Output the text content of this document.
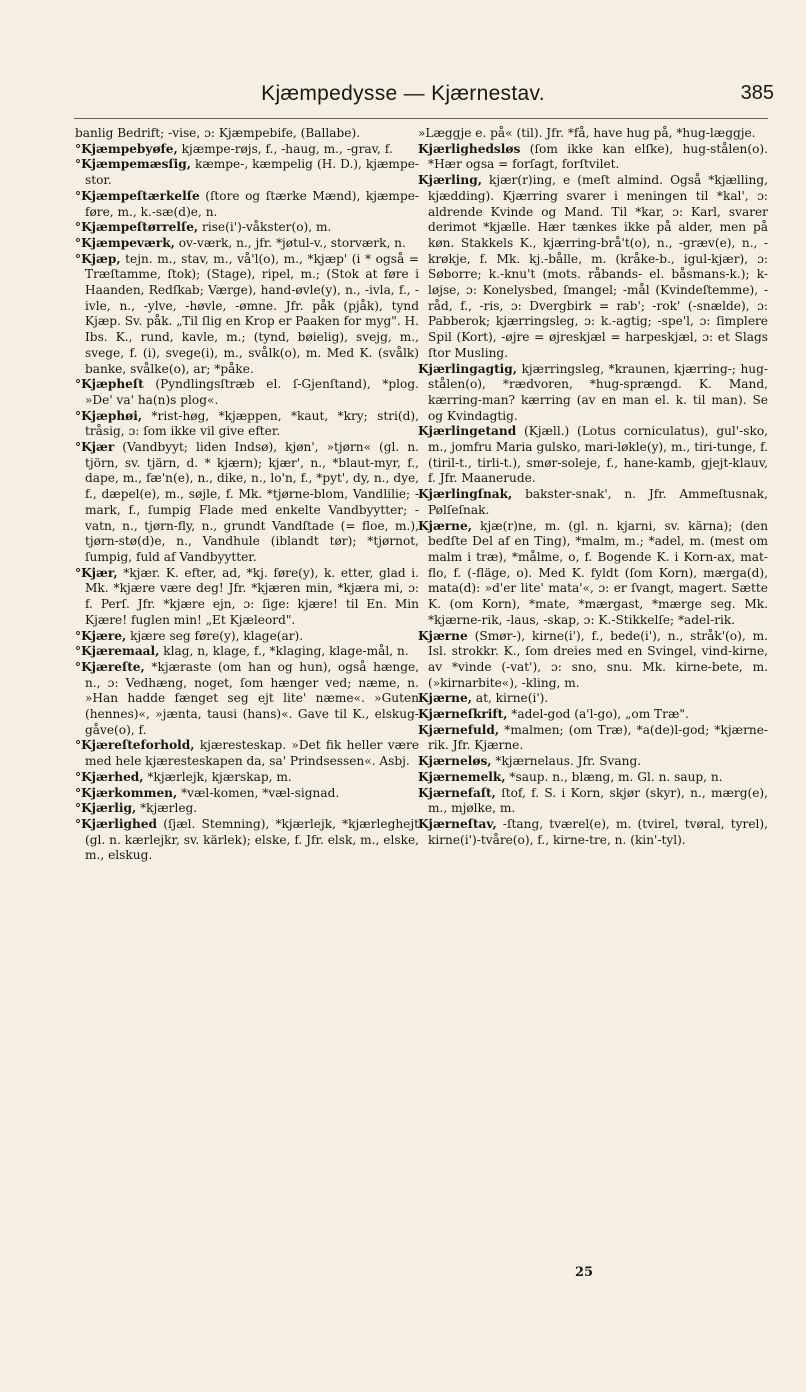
Kjæmpedysse — Kjærnestav.	385

banlig Bedrift; -vise, ɔ: Kjæmpebife, (Ballabe).

°Kjæmpebyøfe, kjæmpe-røjs, f., -haug, m., -grav, f.

°Kjæmpemæsſig, kæmpe-, kæmpelig (H. D.), kjæmpe-stor.

°Kjæmpeſtærkelſe (ſtore og ſtærke Mænd), kjæmpe-føre, m., k.-sæ(d)e, n.

°Kjæmpeſtørrelſe, rise(i')-våkster(o), m.

°Kjæmpeværk, ov-værk, n., jfr. *jøtul-v., storværk, n.

°Kjæp, tejn. m., stav, m., vå'l(o), m., *kjæp' (i * også = Træſtamme, ſtok); (Stage), ripel, m.; (Stok at føre i Haanden, Redſkab; Værge), hand-øvle(y), n., -ivla, f., -ivle, n., -ylve, -høvle, -ømne. Jfr. påk (pjåk), tynd Kjæp. Sv. påk. „Til ſlig en Krop er Paaken for myg". H. Ibs. K., rund, kavle, m.; (tynd, bøielig), svejg, m., svege, f. (i), svege(i), m., svålk(o), m. Med K. (svålk) banke, svålke(o), ar; *påke.

°Kjæpheſt (Pyndlingsſtræb el. ſ-Gjenſtand), *plog. »De' va' ha(n)s plog«.

°Kjæphøi, *rist-høg, *kjæppen, *kaut, *kry; stri(d), tråsig, ɔ: ſom ikke vil give efter.

°Kjær (Vandbyyt; liden Indsø), kjøn', »tjørn« (gl. n. tjörn, sv. tjärn, d. * kjærn); kjær', n., *blaut-myr, f., dape, m., fæ'n(e), n., dike, n., lo'n, f., *pyt', dy, n., dye, f., dæpel(e), m., søjle, f. Mk. *tjørne-blom, Vandlilie; -mark, f., ſumpig Flade med enkelte Vandbyytter; -vatn, n., tjørn-fly, n., grundt Vandſtade (= floe, m.), tjørn-stø(d)e, n., Vandhule (iblandt tør); *tjørnot, ſumpig, fuld af Vandbyytter.

°Kjær, *kjær. K. efter, ad, *kj. føre(y), k. etter, glad i. Mk. *kjære være deg! Jfr. *kjæren min, *kjæra mi, ɔ: f. Perſ. Jfr. *kjære ejn, ɔ: ſige: kjære! til En. Min Kjære! fuglen min! „Et Kjæleord".

°Kjære, kjære seg føre(y), klage(ar).

°Kjæremaal, klag, n, klage, f., *klaging, klage-mål, n.

°Kjæreſte, *kjæraste (om han og hun), også hænge, n., ɔ: Vedhæng, noget, ſom hænger ved; næme, n. »Han hadde fænget seg ejt lite' næme«. »Guten (hennes)«, »jænta, tausi (hans)«. Gave til K., elskug-gåve(o), f.

°Kjæreſteforhold, kjæresteskap. »Det fik heller være med hele kjæresteskapen da, sa' Prindsessen«. Asbj.

°Kjærhed, *kjærlejk, kjærskap, m.

°Kjærkommen, *væl-komen, *væl-signad.

°Kjærlig, *kjærleg.

°Kjærlighed (ſjæl. Stemning), *kjærlejk, *kjærleghejt (gl. n. kærlejkr, sv. kärlek); elske, f. Jfr. elsk, m., elske, m., elskug.

»Læggje e. på« (til). Jfr. *få, have hug på, *hug-læggje.

Kjærlighedsløs (ſom ikke kan elſke), hug-stålen(o). *Hær ogsa = forſagt, forſtvilet.

Kjærling, kjær(r)ing, e (meſt almind. Også *kjælling, kjædding). Kjærring svarer i meningen til *kal', ɔ: aldrende Kvinde og Mand. Til *kar, ɔ: Karl, svarer derimot *kjælle. Hær tænkes ikke på alder, men på køn. Stakkels K., kjærring-brå't(o), n., -græv(e), n., -krøkje, f. Mk. kj.-bålle, m. (kråke-b., igul-kjær), ɔ: Søborre; k.-knu't (mots. råbands- el. båsmans-k.); k-løjse, ɔ: Konelysbed, ſmangel; -mål (Kvindeſtemme), -råd, f., -ris, ɔ: Dvergbirk = rab'; -rok' (-snælde), ɔ: Pabberok; kjærringsleg, ɔ: k.-agtig; -spe'l, ɔ: ſimplere Spil (Kort), -øjre = øjreskjæl = harpeskjæl, ɔ: et Slags ſtor Musling.

Kjærlingagtig, kjærringsleg, *kraunen, kjærring-; hug-stålen(o), *rædvoren, *hug-sprængd. K. Mand, kærring-man? kærring (av en man el. k. til man). Se og Kvindagtig.

Kjærlingetand (Kjæll.) (Lotus corniculatus), gul'-sko, m., jomfru Maria gulsko, mari-løkle(y), m., tiri-tunge, f. (tiril-t., tirli-t.), smør-soleje, f., hane-kamb, gjejt-klauv, f. Jfr. Maanerude.

Kjærlingſnak, bakster-snak', n. Jfr. Ammeſtusnak, Pølſeſnak.

Kjærne, kjæ(r)ne, m. (gl. n. kjarni, sv. kärna); (den bedſte Del af en Ting), *malm, m.; *adel, m. (mest om malm i træ), *målme, o, f. Bogende K. i Korn-ax, mat-flo, f. (-fläge, o). Med K. fyldt (ſom Korn), mærga(d), mata(d): »d'er lite' mata'«, ɔ: er ſvangt, magert. Sætte K. (om Korn), *mate, *mærgast, *mærge seg. Mk. *kjærne-rik, -laus, -skap, ɔ: K.-Stikkelſe; *adel-rik.

Kjærne (Smør-), kirne(i'), f., bede(i'), n., stråk'(o), m. Isl. strokkr. K., ſom dreies med en Svingel, vind-kirne, av *vinde (-vat'), ɔ: sno, snu. Mk. kirne-bete, m. (»kirnarbite«), -kling, m.

Kjærne, at, kirne(i').

Kjærneſkrift, *adel-god (a'l-go), „om Træ".

Kjærnefuld, *malmen; (om Træ), *a(de)l-god; *kjærne-rik. Jfr. Kjærne.

Kjærneløs, *kjærnelaus. Jfr. Svang.

Kjærnemelk, *saup. n., blæng, m. Gl. n. saup, n.

Kjærnefaſt, ſtof, f. S. i Korn, skjør (skyr), n., mærg(e), m., mjølke, m.

Kjærneſtav, -ſtang, tværel(e), m. (tvirel, tvøral, tyrel), kirne(i')-tvåre(o), f., kirne-tre, n. (kin'-tyl).

25
